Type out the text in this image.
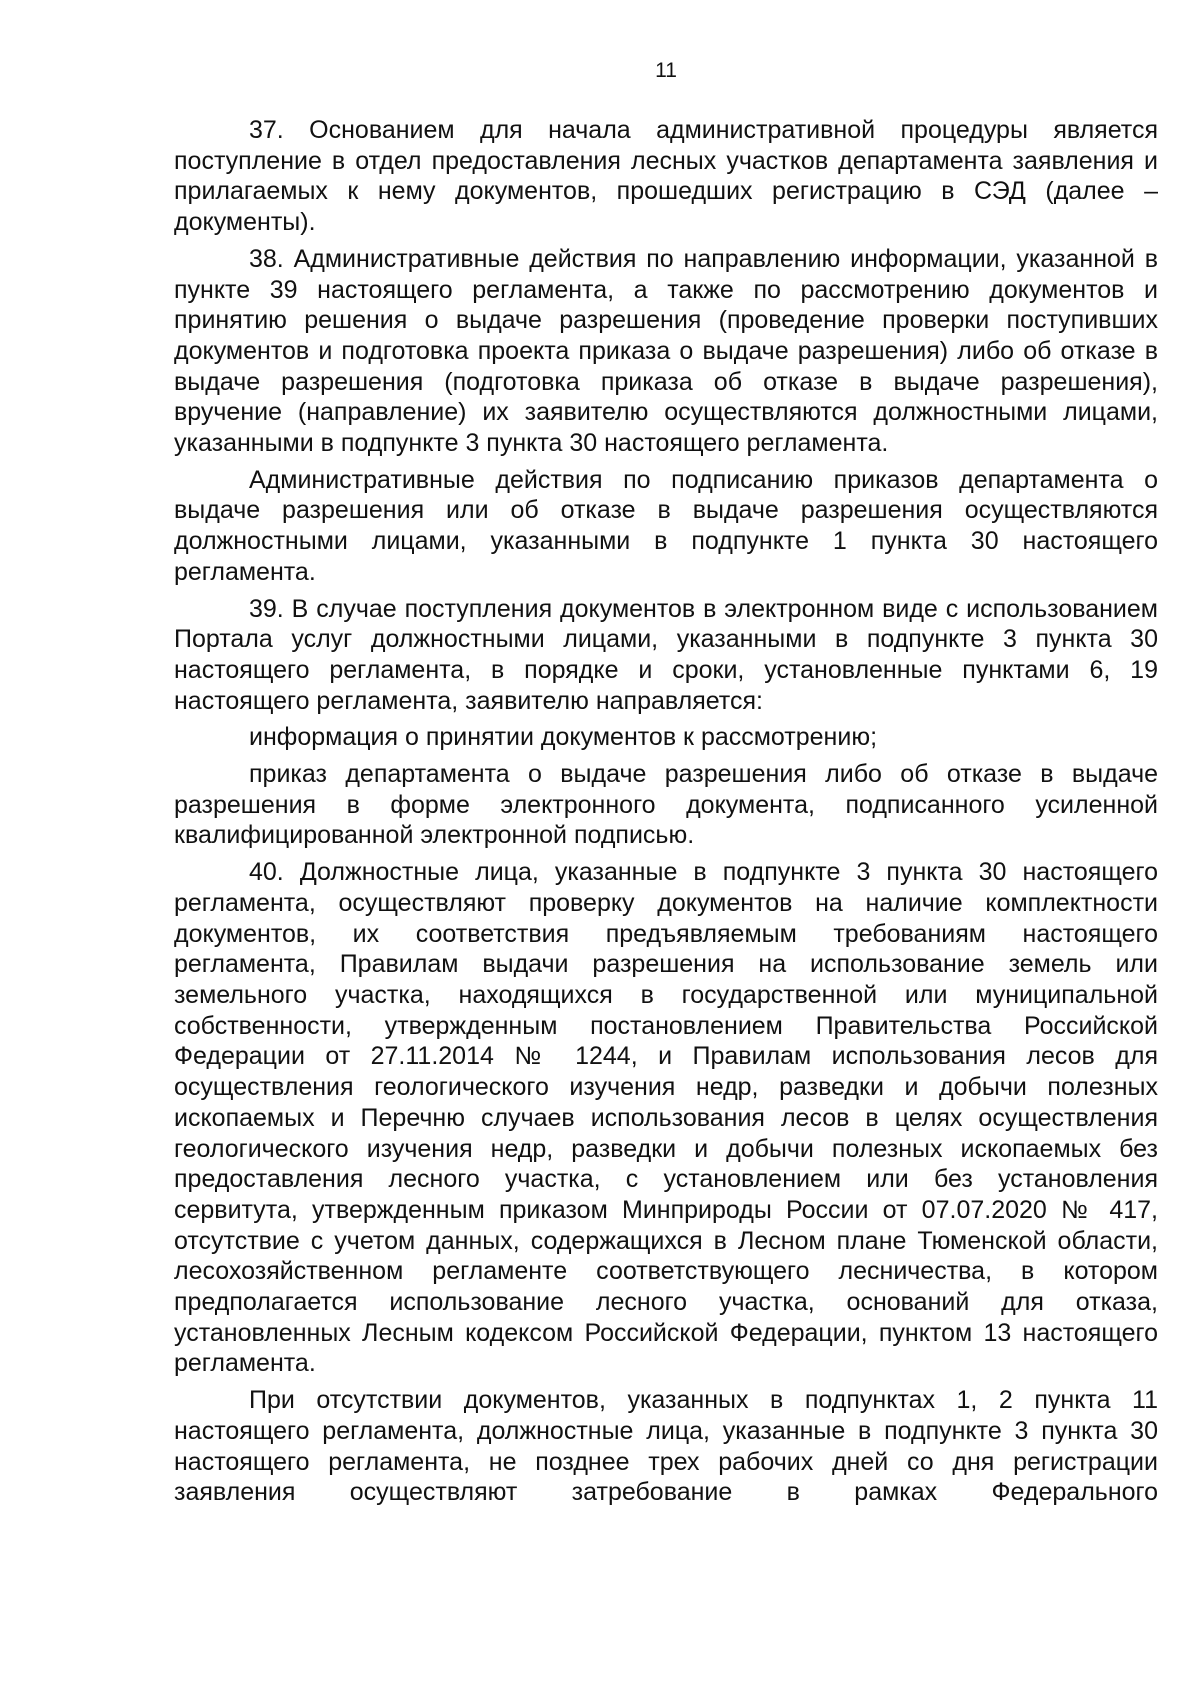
11

37. Основанием для начала административной процедуры является поступление в отдел предоставления лесных участков департамента заявления и прилагаемых к нему документов, прошедших регистрацию в СЭД (далее – документы).

38. Административные действия по направлению информации, указанной в пункте 39 настоящего регламента, а также по рассмотрению документов и принятию решения о выдаче разрешения (проведение проверки поступивших документов и подготовка проекта приказа о выдаче разрешения) либо об отказе в выдаче разрешения (подготовка приказа об отказе в выдаче разрешения), вручение (направление) их заявителю осуществляются должностными лицами, указанными в подпункте 3 пункта 30 настоящего регламента.

Административные действия по подписанию приказов департамента о выдаче разрешения или об отказе в выдаче разрешения осуществляются должностными лицами, указанными в подпункте 1 пункта 30 настоящего регламента.

39. В случае поступления документов в электронном виде с использованием Портала услуг должностными лицами, указанными в подпункте 3 пункта 30 настоящего регламента, в порядке и сроки, установленные пунктами 6, 19 настоящего регламента, заявителю направляется:

информация о принятии документов к рассмотрению;

приказ департамента о выдаче разрешения либо об отказе в выдаче разрешения в форме электронного документа, подписанного усиленной квалифицированной электронной подписью.

40. Должностные лица, указанные в подпункте 3 пункта 30 настоящего регламента, осуществляют проверку документов на наличие комплектности документов, их соответствия предъявляемым требованиям настоящего регламента, Правилам выдачи разрешения на использование земель или земельного участка, находящихся в государственной или муниципальной собственности, утвержденным постановлением Правительства Российской Федерации от 27.11.2014 № 1244, и Правилам использования лесов для осуществления геологического изучения недр, разведки и добычи полезных ископаемых и Перечню случаев использования лесов в целях осуществления геологического изучения недр, разведки и добычи полезных ископаемых без предоставления лесного участка, с установлением или без установления сервитута, утвержденным приказом Минприроды России от 07.07.2020 № 417, отсутствие с учетом данных, содержащихся в Лесном плане Тюменской области, лесохозяйственном регламенте соответствующего лесничества, в котором предполагается использование лесного участка, оснований для отказа, установленных Лесным кодексом Российской Федерации, пунктом 13 настоящего регламента.

При отсутствии документов, указанных в подпунктах 1, 2 пункта 11 настоящего регламента, должностные лица, указанные в подпункте 3 пункта 30 настоящего регламента, не позднее трех рабочих дней со дня регистрации заявления осуществляют затребование в рамках Федерального
